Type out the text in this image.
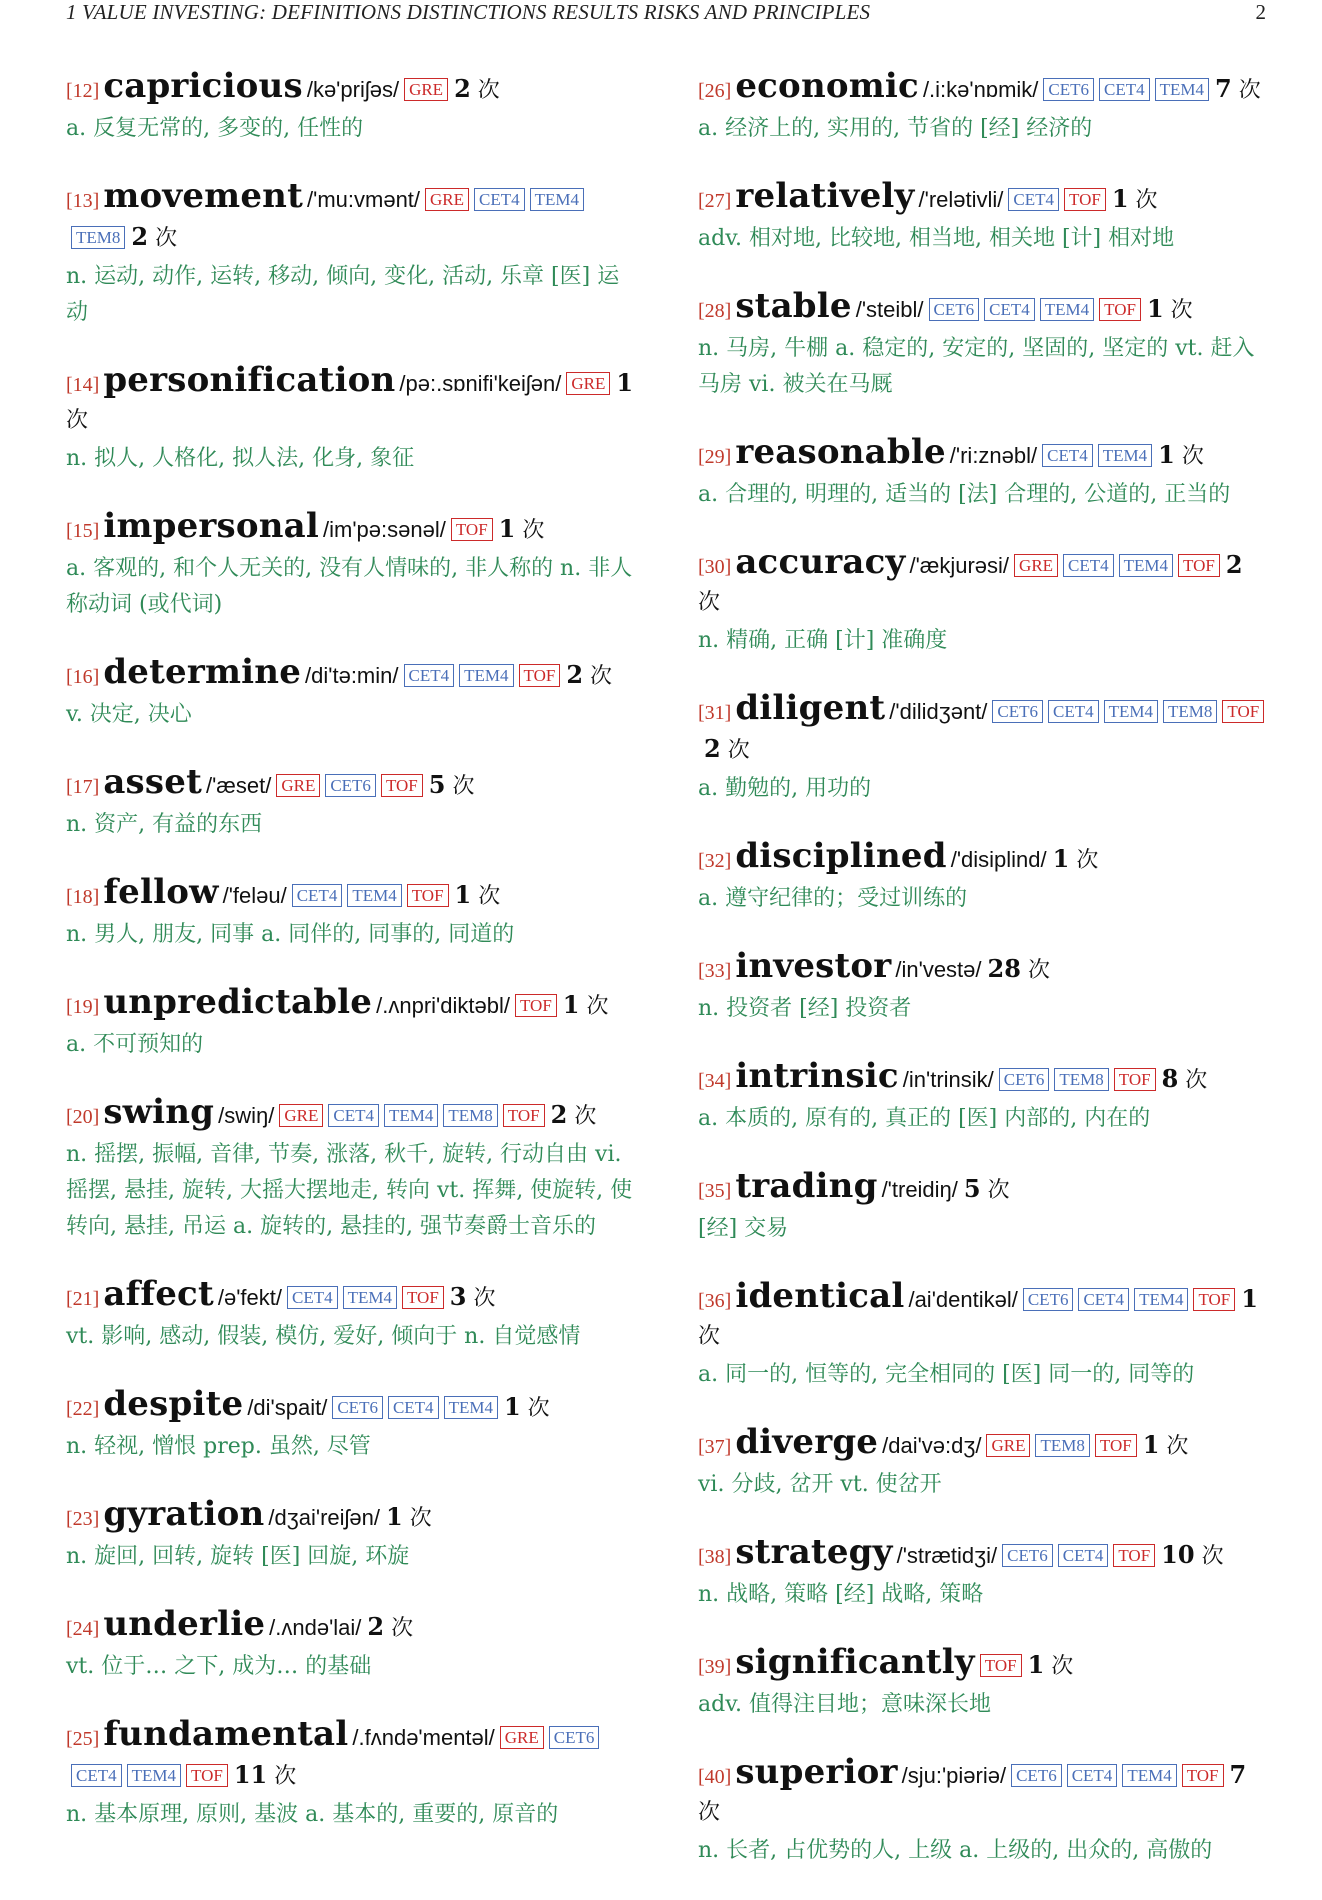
1 VALUE INVESTING: DEFINITIONS DISTINCTIONS RESULTS RISKS AND PRINCIPLES	2
[12] capricious /kə'priʃəs/ GRE 2 次
a. 反复无常的, 多变的, 任性的
[13] movement /'mu:vmənt/ GRE CET4 TEM4TEM8 2 次
n. 运动, 动作, 运转, 移动, 倾向, 变化, 活动, 乐章 [医] 运动
[14] personification /pə:.sɒnifi'keiʃən/ GRE 1 次
n. 拟人, 人格化, 拟人法, 化身, 象征
[15] impersonal /im'pə:sənəl/ TOF 1 次
a. 客观的, 和个人无关的, 没有人情味的, 非人称的 n. 非人称动词 (或代词)
[16] determine /di'tə:min/ CET4 TEM4 TOF 2 次
v. 决定, 决心
[17] asset /'æset/ GRE CET6 TOF 5 次
n. 资产, 有益的东西
[18] fellow /'feləu/ CET4 TEM4 TOF 1 次
n. 男人, 朋友, 同事 a. 同伴的, 同事的, 同道的
[19] unpredictable /.ʌnpri'diktəbl/ TOF 1 次
a. 不可预知的
[20] swing /swiŋ/ GRE CET4 TEM4 TEM8 TOF 2 次
n. 摇摆, 振幅, 音律, 节奏, 涨落, 秋千, 旋转, 行动自由 vi. 摇摆, 悬挂, 旋转, 大摇大摆地走, 转向 vt. 挥舞, 使旋转, 使转向, 悬挂, 吊运 a. 旋转的, 悬挂的, 强节奏爵士音乐的
[21] affect /ə'fekt/ CET4 TEM4 TOF 3 次
vt. 影响, 感动, 假装, 模仿, 爱好, 倾向于 n. 自觉感情
[22] despite /di'spait/ CET6 CET4 TEM4 1 次
n. 轻视, 憎恨 prep. 虽然, 尽管
[23] gyration /dʒai'reiʃən/ 1 次
n. 旋回, 回转, 旋转 [医] 回旋, 环旋
[24] underlie /.ʌndə'lai/ 2 次
vt. 位于… 之下, 成为… 的基础
[25] fundamental /.fʌndə'mentəl/ GRE CET6CET4 TEM4 TOF 11 次
n. 基本原理, 原则, 基波 a. 基本的, 重要的, 原音的
[26] economic /.i:kə'nɒmik/ CET6 CET4 TEM4 7 次
a. 经济上的, 实用的, 节省的 [经] 经济的
[27] relatively /'relətivli/ CET4 TOF 1 次
adv. 相对地, 比较地, 相当地, 相关地 [计] 相对地
[28] stable /'steibl/ CET6 CET4 TEM4 TOF 1 次
n. 马房, 牛棚 a. 稳定的, 安定的, 坚固的, 坚定的 vt. 赶入马房 vi. 被关在马厩
[29] reasonable /'ri:znəbl/ CET4 TEM4 1 次
a. 合理的, 明理的, 适当的 [法] 合理的, 公道的, 正当的
[30] accuracy /'ækjurəsi/ GRE CET4 TEM4 TOF 2 次
n. 精确, 正确 [计] 准确度
[31] diligent /'dilidʒənt/ CET6 CET4 TEM4 TEM8 TOF2 次
a. 勤勉的, 用功的
[32] disciplined /'disiplind/ 1 次
a. 遵守纪律的；受过训练的
[33] investor /in'vestə/ 28 次
n. 投资者 [经] 投资者
[34] intrinsic /in'trinsik/ CET6 TEM8 TOF 8 次
a. 本质的, 原有的, 真正的 [医] 内部的, 内在的
[35] trading /'treidiŋ/ 5 次
[经] 交易
[36] identical /ai'dentikəl/ CET6 CET4 TEM4 TOF 1 次
a. 同一的, 恒等的, 完全相同的 [医] 同一的, 同等的
[37] diverge /dai'və:dʒ/ GRE TEM8 TOF 1 次
vi. 分歧, 岔开 vt. 使岔开
[38] strategy /'strætidʒi/ CET6 CET4 TOF 10 次
n. 战略, 策略 [经] 战略, 策略
[39] significantly TOF 1 次
adv. 值得注目地；意味深长地
[40] superior /sju:'piəriə/ CET6 CET4 TEM4 TOF 7 次
n. 长者, 占优势的人, 上级 a. 上级的, 出众的, 高傲的
